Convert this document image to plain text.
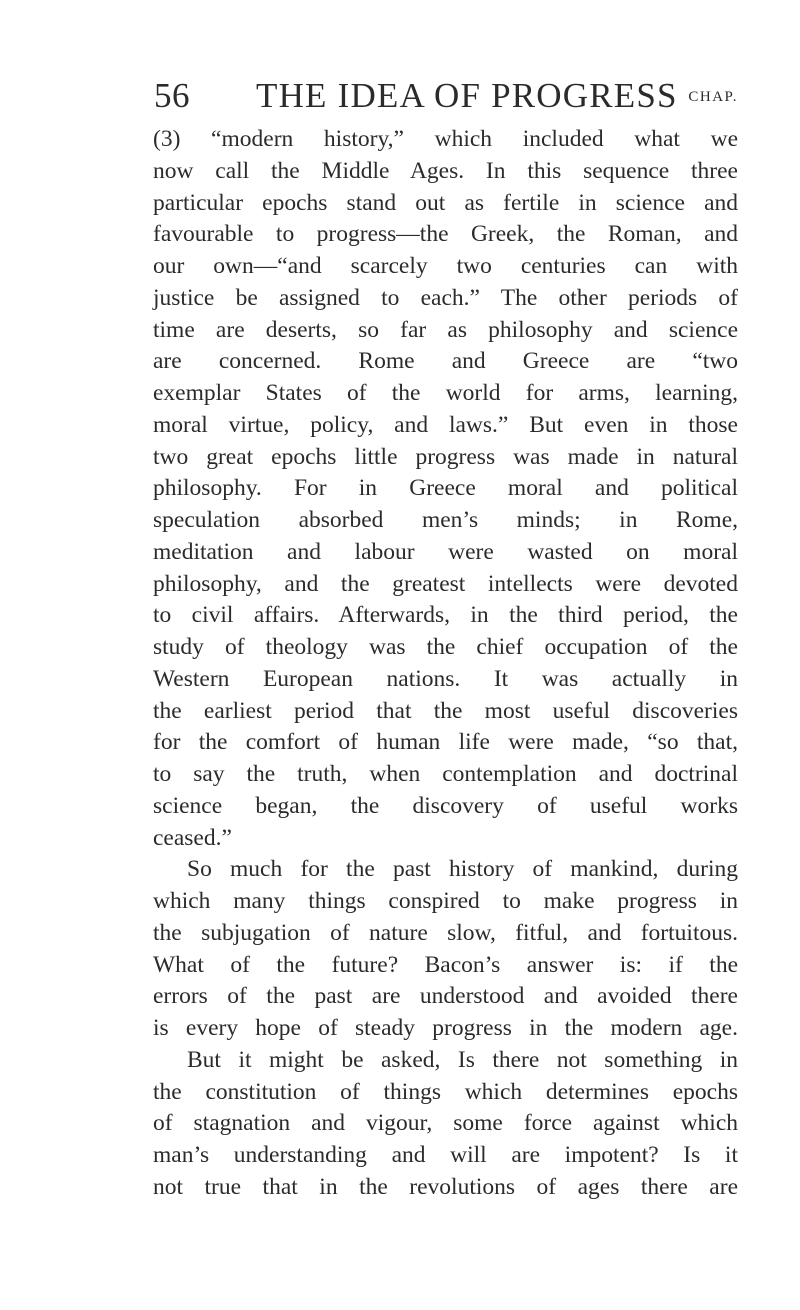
56 THE IDEA OF PROGRESS CHAP.
(3) “modern history,” which included what we
now call the Middle Ages. In this sequence three
particular epochs stand out as fertile in science and
favourable to progress—the Greek, the Roman, and
our own—“and scarcely two centuries can with
justice be assigned to each.” The other periods of
time are deserts, so far as philosophy and science
are concerned. Rome and Greece are “two
exemplar States of the world for arms, learning,
moral virtue, policy, and laws.” But even in those
two great epochs little progress was made in natural
philosophy. For in Greece moral and political
speculation absorbed men’s minds; in Rome,
meditation and labour were wasted on moral
philosophy, and the greatest intellects were devoted
to civil affairs. Afterwards, in the third period, the
study of theology was the chief occupation of the
Western European nations. It was actually in
the earliest period that the most useful discoveries
for the comfort of human life were made, “so that,
to say the truth, when contemplation and doctrinal
science began, the discovery of useful works
ceased.”
So much for the past history of mankind, during
which many things conspired to make progress in
the subjugation of nature slow, fitful, and fortuitous.
What of the future? Bacon’s answer is: if the
errors of the past are understood and avoided there
is every hope of steady progress in the modern age.
But it might be asked, Is there not something in
the constitution of things which determines epochs
of stagnation and vigour, some force against which
man’s understanding and will are impotent? Is it
not true that in the revolutions of ages there are
